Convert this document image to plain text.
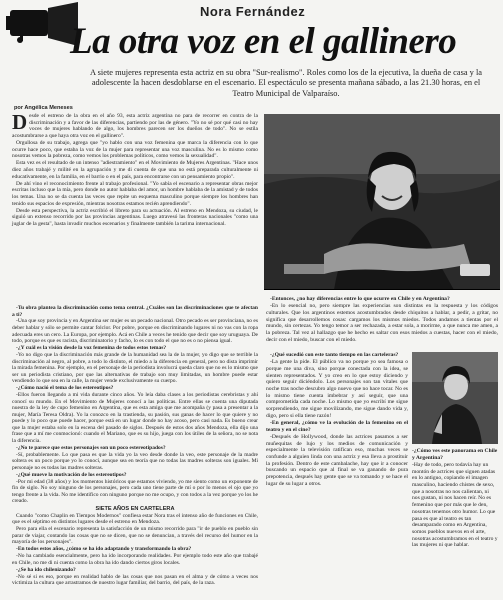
Nora Fernández
La otra voz en el gallinero
A siete mujeres representa esta actriz en su obra "Sur-realismo". Roles como los de la ejecutiva, la dueña de casa y la adolescente la hacen desdoblarse en el escenario. El espectáculo se presenta mañana sábado, a las 21.30 horas, en el Teatro Municipal de Valparaíso.
por Angélica Meneses

Desde el estreno de la obra en el año 93, esta actriz argentina no para de recorrer en contra de la discriminación y a favor de las diferencias, partiendo por las de género. "Yo no sé por qué casi no hay voces de mujeres hablando de algo, los hombres parecen ser los dueños de todo". No se estila acostumbrarse a que haya otra voz en el gallinero".

Orgullosa de su trabajo, agrega que "yo hablo con una voz femenina que marca la diferencia con lo que ocurre hace poco, que estaba la voz de la mujer para representar una voz masculina. No es lo mismo como nosotras vemos la pobreza, como vemos los problemas políticos, como vemos la sexualidad".

Esta vez es el resultado de un intenso "adiestramiento" en el Movimiento de Mujeres Argentinas. "Hace unos diez años trabajé y milité en la agrupación y me di cuenta de que una no está preparada culturalmente ni educativamente, en la familia, en el barrio o en el país, para encontrarse con un pensamiento propio".

De ahí vino el reconocimiento frente al trabajo profesional. "Yo sabía el escenario a representar obras mejor escritas incluso que la mía, pero donde no autor hablaba del amor, un hombre hablaba de la amistad y de todos los temas. Una no se da cuenta las veces que repite un esquema masculino porque siempre los hombres han tenido sus espacios de expresión, mientras nosotras estamos recién aprendiendo".

Desde esta perspectiva, la actriz escribió el libreto para su actuación. Al estreno en Mendoza, su ciudad, le siguió un extenso recorrido por las provincias argentinas. Luego atravesó las fronteras nacionales "como una juglar de la gesta", hasta invadir muchos escenarios y finalmente también la tarima internacional.

-Tu obra plantea la discriminación como tema central. ¿Cuáles son las discriminaciones que te afectan a ti?

-Una que soy provincia y en Argentina ser mujer es un pecado nacional. Otro pecado es ser provinciana, no es deber hablar y sólo se permite cantar folclor. Por pobre, porque en discriminando lugares ni no vas con la ropa adecuada eres un cero. La Europa, por ejemplo. Acá en Chile a veces he tenido que decir que soy uruguaya. De todo, porque es que es racista, discriminatorio y facho, lo es con todo el que no es o no piensa igual.

-¿Y cuál es la visión desde la voz femenina de todos estos temas?

-Yo no digo que la discriminación más grande de la humanidad sea la de la mujer, yo digo que se terrible la discriminación al negro, al pobre, a todo lo distinto, el miedo a la diferencia en general, pero no dista imprimir la mirada femenina. Por ejemplo, en el personaje de la periodista involucrá queda claro que no es lo mismo que ser un periodista cristiano, por que las alternativas de trabajo son muy limitadas, un hombre puede estar vendiendo lo que sea en la calle, la mujer vende exclusivamente su cuerpo.

-¿Cómo nació el tema de los estereotipos?

-Ellos fueron llegando a mi vida durante cinco años. Yo leía daba clases a los periodistas cerebristas y ahí conocí su mundo. En el Movimiento de Mujeres conocí a las políticas. Entre ellas se cuenta una diputada nuestra de la ley de cupo femenino en Argentina, que es esta amiga que me acompaña (y pasa a presentar a la mujer, María Teresa Oldra). Yo la conozco en la trastienda, su pasión, sus ganas de hacer lo que quiere y no puede y lo poco que puede hacer, porque está en un lugar donde no hay acoso, pero casi nada. Es bueno crear que la mujer estaba solo en la escena del pasado de siglos. Después de estos dos años Mendoza, ella dijo una frase que a mí me conmocionó: cuando el Mariano, que es su hijo, juega con los útiles de la señora, no se nota la diferencia.

-¿No te parece que estos personajes son un poco estereotipados?

-Sí, probablemente. Lo que pasa es que la vida yo la veo desde donde la veo, este personaje de la madre soltera es un poco porque yo lo conocí, aunque sea en teoría que no todas las madres solteras son iguales. Mi personaje no es todas las madres solteras.

-¿Qué mueve la motivación de los estereotipos?

-Por mi edad (38 años) y los momentos históricos que estamos viviendo, yo me siento como un exponente de fin de siglo. No soy ninguno de los personajes, pero cada uno tiene parte de mí o por lo menos el ojo que yo tengo frente a la vida. No me identifico con ninguno porque no me ocupo, y con todos a la vez porque yo los he creado.

SIETE AÑOS EN CARTELERA

Cuando "como Chaplin en Tiempos Modernos" confiesa estar Nora tras el intenso año de funciones en Chile, que es el séptimo en distintos lugares desde el estreno en Mendoza.

Pero para ella el escenario representa la satisfacción de un mismo recorrido para "ir de pueblo en pueblo sin parar de viajar, contando las cosas que no se dicen, que no se denuncian, a través del recurso del humor en la mayoría de los personajes".

-En todos estos años, ¿cómo se ha ido adaptando y transformando la obra?

-No ha cambiado esencialmente, pero ha ido incorporando realidades. Por ejemplo todo este año que trabajé en Chile, no me di ni cuenta como la obra ha ido dando ciertos giros locales.

-¿Se ha ido chilenizando?

-No sé si es eso, porque en realidad hablo de las cosas que nos pasan en el alma y de cómo a veces nos victimiza la cultura que arrastramos de nuestro lugar familiar, del barrio, del país, de la raza.

-Entonces, ¿no hay diferencias entre lo que ocurre en Chile y en Argentina?

-En lo esencial no, pero siempre las experiencias son distintas en la respuesta y los códigos culturales. Que los argentinos estemos acostumbrados desde chiquitos a hablar, a pedir, a gritar, no significa que desarrollemos cosas: cargamos los mismos miedos. Todos andamos a tientas por el mundo, sin certezas. Yo tengo temor a ser rechazada, a estar sola, a morirme, a que nunca me amen, a la pobreza. Tal vez al hallazgo que he hecho es saltar con esos miedos a cuestas, hacer con el miedo, decir con el miedo, buscar con el miedo.

-¿Qué sucedió con este tanto tiempo en las carteleras?

-La gente la pide. El público va no porque yo sea famosa o porque me una diva, sino porque conectada con la idea, se sienten representados. Y yo creo en lo que estoy diciendo y quiero seguir diciéndolo. Los personajes son tan vitales que noche tras noche descubro algo nuevo que no hace tocar. No es lo mismo tiene cuenta imbebrar y así seguir, que una comprometida cada noche. Lo mismo que yo escribí me sigue sorprendiendo, me sigue movilizando, me sigue dando vida y, digo, pero si ella tiene razón!

-En general, ¿cómo ve la evolución de la femenino en el teatro y en el cine?

-Después de Hollywood, donde las actrices pasamos a ser muñequitas de lujo y los medios de comunicación y especialmente la televisión ratifican eso, muchas veces se confunde a alguien linda con una actriz y esa lleva a prostituir la profesión. Dentro de este cambalache, hay que ir a conocer buscando un espacio que al final se va ganando de pura prepotencia, después hay gente que se va tomando y se hace el lugar de su lugar a otros.

-¿Cómo ves este panorama en Chile y Argentina?

-Hay de todo, pero todavía hay un montón de actrices que siguen atadas en lo antiguo, copiando el imagen masculino, haciendo chistes de sexo, que a nosotras no nos calientan, ni nos gustan, ni nos hacen reír. No es femenino que por más que le den, nosotras tenemos otro humor. Lo que pasa es que al teatro es tan desamparado como en Argentina, somos pueblos nuevos en el arte, nosotras acostumbramos en el teatro y las mujeres ni que hablar.
